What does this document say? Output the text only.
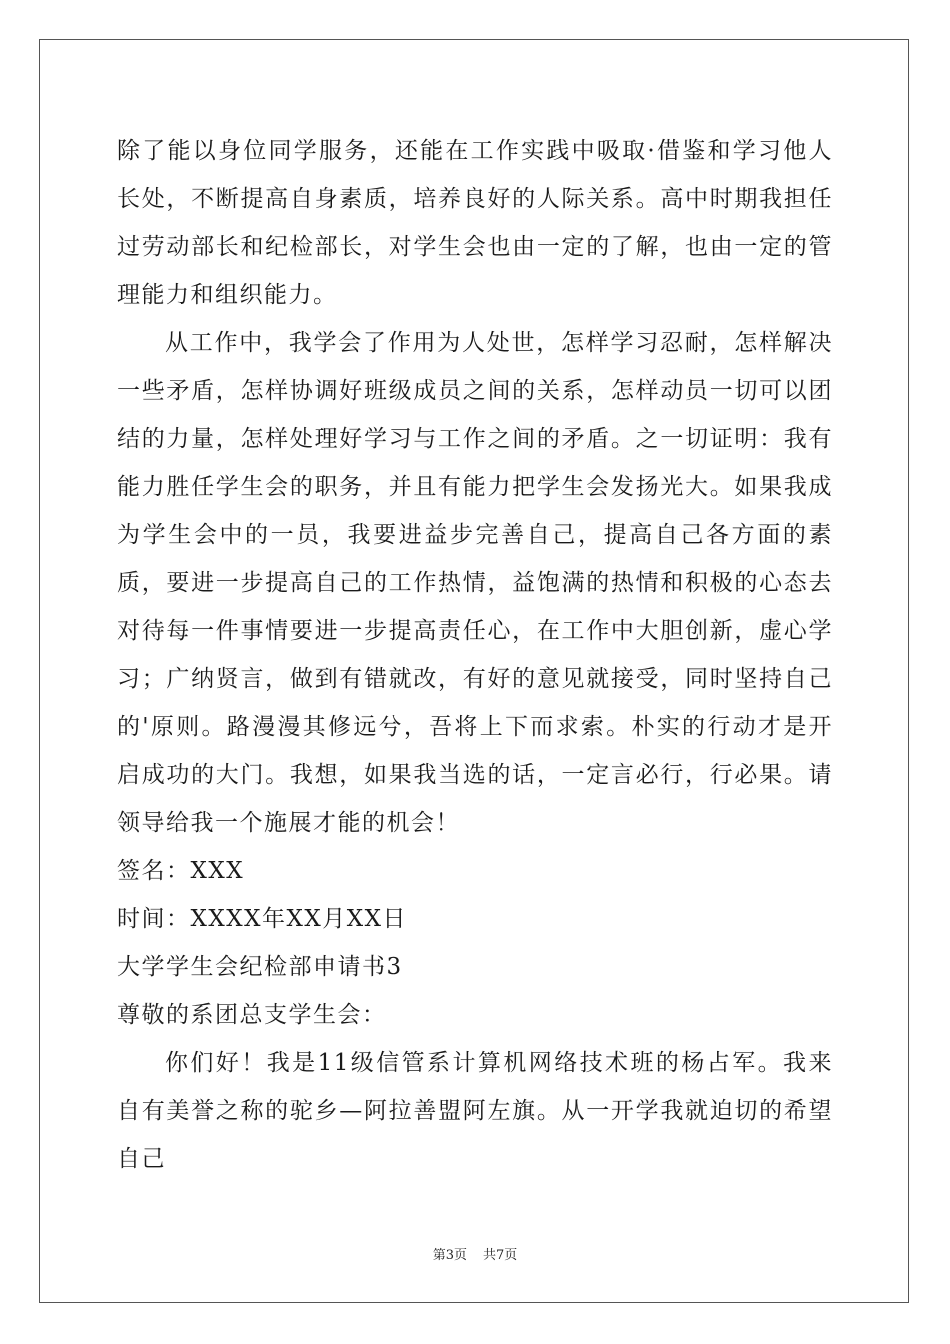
除了能以身位同学服务，还能在工作实践中吸取·借鉴和学习他人长处，不断提高自身素质，培养良好的人际关系。高中时期我担任过劳动部长和纪检部长，对学生会也由一定的了解，也由一定的管理能力和组织能力。

从工作中，我学会了作用为人处世，怎样学习忍耐，怎样解决一些矛盾，怎样协调好班级成员之间的关系，怎样动员一切可以团结的力量，怎样处理好学习与工作之间的矛盾。之一切证明：我有能力胜任学生会的职务，并且有能力把学生会发扬光大。如果我成为学生会中的一员，我要进益步完善自己，提高自己各方面的素质，要进一步提高自己的工作热情，益饱满的热情和积极的心态去对待每一件事情要进一步提高责任心，在工作中大胆创新，虚心学习；广纳贤言，做到有错就改，有好的意见就接受，同时坚持自己的'原则。路漫漫其修远兮，吾将上下而求索。朴实的行动才是开启成功的大门。我想，如果我当选的话，一定言必行，行必果。请领导给我一个施展才能的机会！

签名：XXX

时间：XXXX年XX月XX日

大学学生会纪检部申请书3

尊敬的系团总支学生会：

你们好！我是11级信管系计算机网络技术班的杨占军。我来自有美誉之称的驼乡—阿拉善盟阿左旗。从一开学我就迫切的希望自己

第3页 共7页
